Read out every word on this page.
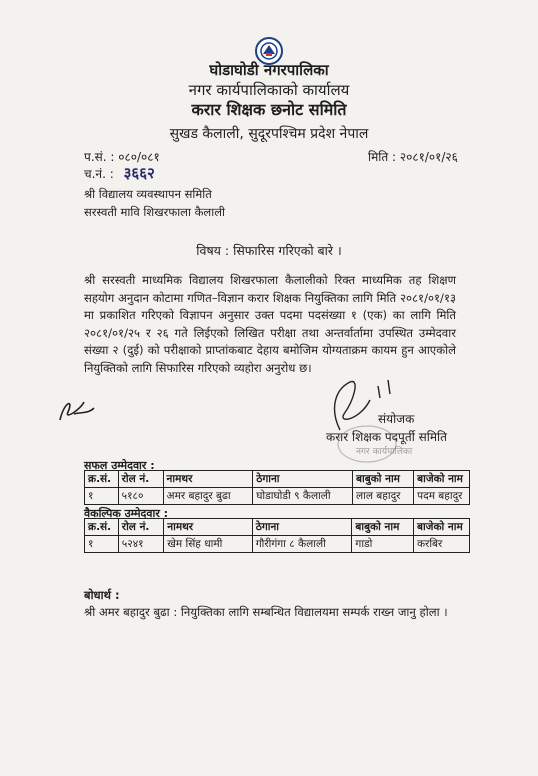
घोडाघोडी नगरपालिका
नगर कार्यपालिकाको कार्यालय
करार शिक्षक छनोट समिति
सुखड कैलाली, सुदूरपश्चिम प्रदेश नेपाल
प.सं. : ०८०/०८१
च.नं. : ३६६२
मिति : २०८१/०१/२६
श्री विद्यालय व्यवस्थापन समिति
सरस्वती मावि शिखरफाला कैलाली
विषय : सिफारिस गरिएको बारे ।
श्री सरस्वती माध्यमिक विद्यालय शिखरफाला कैलालीको रिक्त माध्यमिक तह शिक्षण सहयोग अनुदान कोटामा गणित–विज्ञान करार शिक्षक नियुक्तिका लागि मिति २०८१/०१/१३ मा प्रकाशित गरिएको विज्ञापन अनुसार उक्त पदमा पदसंख्या १ (एक) का लागि मिति २०८१/०१/२५ र २६ गते लिईएको लिखित परीक्षा तथा अन्तर्वार्तामा उपस्थित उम्मेदवार संख्या २ (दुई) को परीक्षाको प्राप्तांकबाट देहाय बमोजिम योग्यताक्रम कायम हुन आएकोले नियुक्तिको लागि सिफारिस गरिएको व्यहोरा अनुरोध छ।
संयोजक
करार शिक्षक पदपूर्ती समिति
नगर कार्यपालिका
सफल उम्मेदवार :
क्र.सं.	रोल नं.	नामथर	ठेगाना	बाबुको नाम	बाजेको नाम
१	५१८०	अमर बहादुर बुढा	घोडाघोडी ९ कैलाली	लाल बहादुर	पदम बहादुर
वैकल्पिक उम्मेदवार :
क्र.सं.	रोल नं.	नामथर	ठेगाना	बाबुको नाम	बाजेको नाम
१	५२४१	खेम सिंह धामी	गौरीगंगा ८ कैलाली	गाडो	करबिर
बोधार्थ :
श्री अमर बहादुर बुढा : नियुक्तिका लागि सम्बन्धित विद्यालयमा सम्पर्क राख्न जानु होला ।
